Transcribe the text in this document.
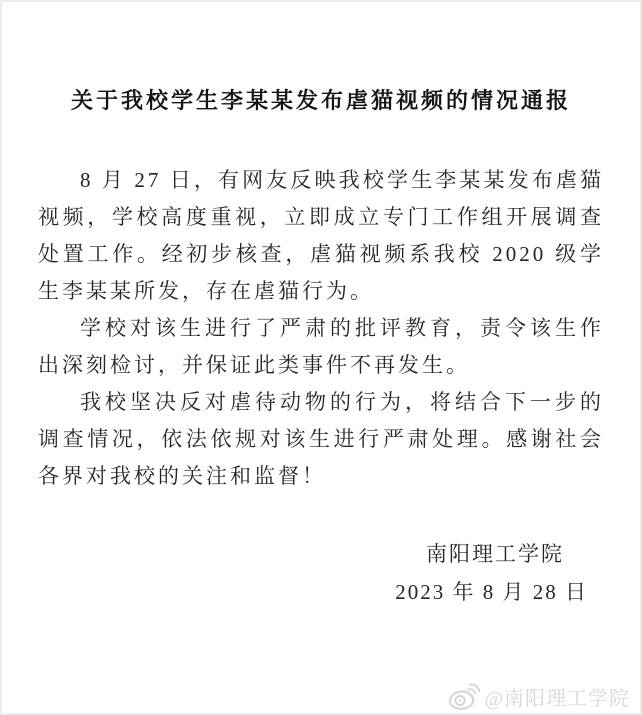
关于我校学生李某某发布虐猫视频的情况通报

8 月 27 日，有网友反映我校学生李某某发布虐猫视频，学校高度重视，立即成立专门工作组开展调查处置工作。经初步核查，虐猫视频系我校 2020 级学生李某某所发，存在虐猫行为。

学校对该生进行了严肃的批评教育，责令该生作出深刻检讨，并保证此类事件不再发生。

我校坚决反对虐待动物的行为，将结合下一步的调查情况，依法依规对该生进行严肃处理。感谢社会各界对我校的关注和监督！

南阳理工学院
2023 年 8 月 28 日
@南阳理工学院
